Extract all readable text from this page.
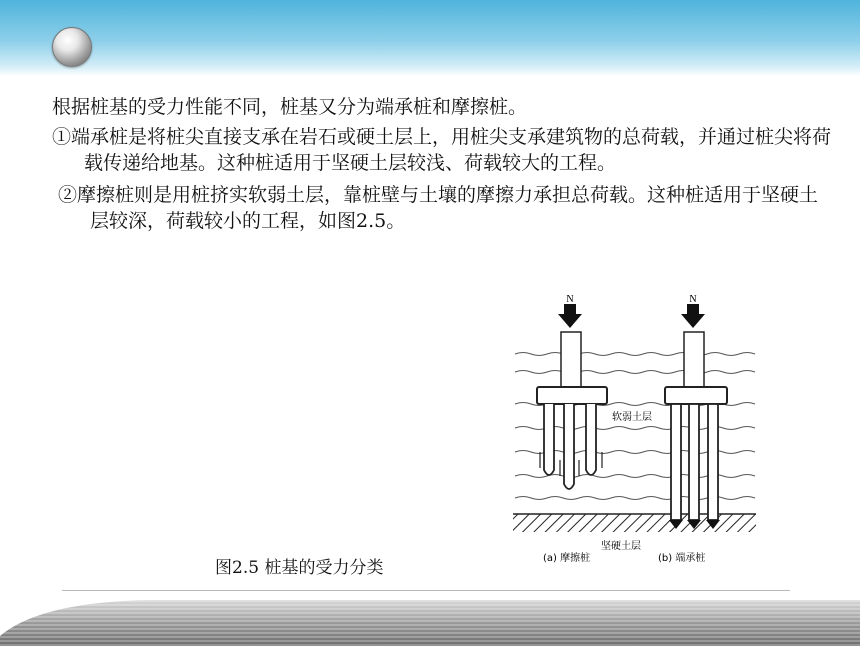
根据桩基的受力性能不同，桩基又分为端承桩和摩擦桩。

①端承桩是将桩尖直接支承在岩石或硬土层上，用桩尖支承建筑物的总荷载，并通过桩尖将荷载传递给地基。这种桩适用于坚硬土层较浅、荷载较大的工程。

②摩擦桩则是用桩挤实软弱土层，靠桩壁与土壤的摩擦力承担总荷载。这种桩适用于坚硬土层较深，荷载较小的工程，如图2.5。

N	N
软弱土层
坚硬土层
(a) 摩擦桩	(b) 端承桩
图2.5 桩基的受力分类
